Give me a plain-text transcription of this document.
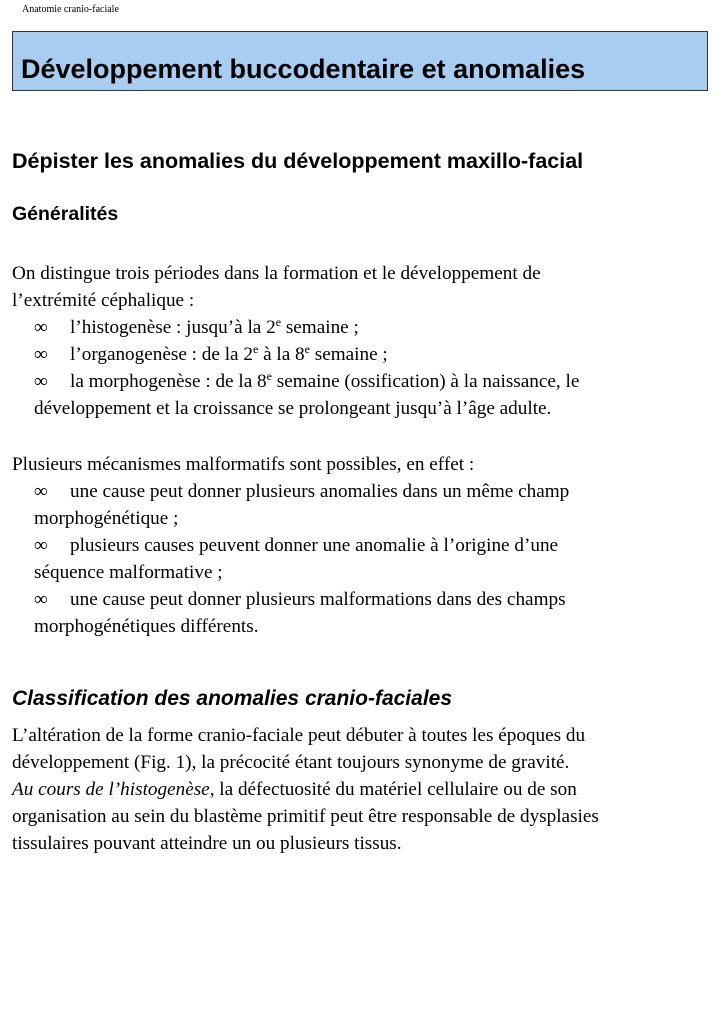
Anatomie cranio-faciale
Développement buccodentaire et anomalies
Dépister les anomalies du développement maxillo-facial
Généralités
On distingue trois périodes dans la formation et le développement de
l’extrémité céphalique :
∞ l’histogenèse : jusqu’à la 2e semaine ;
∞ l’organogenèse : de la 2e à la 8e semaine ;
∞ la morphogenèse : de la 8e semaine (ossification) à la naissance, le
développement et la croissance se prolongeant jusqu’à l’âge adulte.
Plusieurs mécanismes malformatifs sont possibles, en effet :
∞ une cause peut donner plusieurs anomalies dans un même champ
morphogénétique ;
∞ plusieurs causes peuvent donner une anomalie à l’origine d’une
séquence malformative ;
∞ une cause peut donner plusieurs malformations dans des champs
morphogénétiques différents.
Classification des anomalies cranio-faciales
L’altération de la forme cranio-faciale peut débuter à toutes les époques du
développement (Fig. 1), la précocité étant toujours synonyme de gravité.
Au cours de l’histogenèse, la défectuosité du matériel cellulaire ou de son
organisation au sein du blastème primitif peut être responsable de dysplasies
tissulaires pouvant atteindre un ou plusieurs tissus.
